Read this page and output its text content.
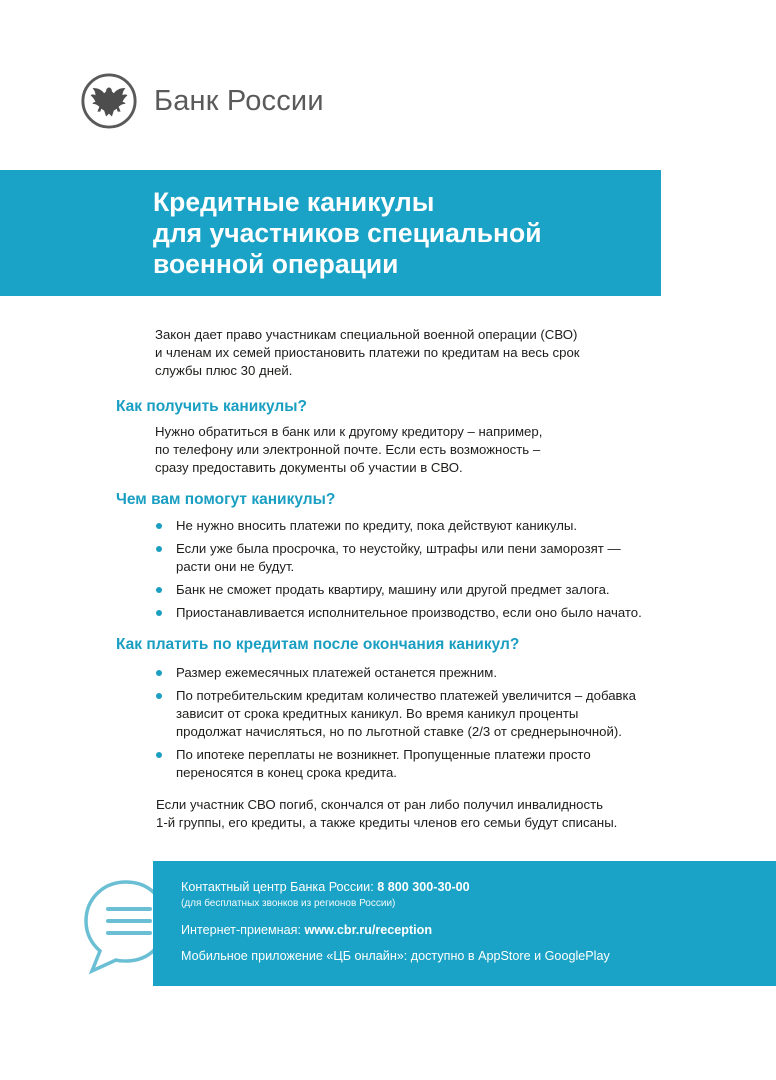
Банк России
Кредитные каникулы
для участников специальной
военной операции
Закон дает право участникам специальной военной операции (СВО)
и членам их семей приостановить платежи по кредитам на весь срок
службы плюс 30 дней.
Как получить каникулы?
Нужно обратиться в банк или к другому кредитору – например,
по телефону или электронной почте. Если есть возможность –
сразу предоставить документы об участии в СВО.
Чем вам помогут каникулы?
Не нужно вносить платежи по кредиту, пока действуют каникулы.
Если уже была просрочка, то неустойку, штрафы или пени заморозят —
расти они не будут.
Банк не сможет продать квартиру, машину или другой предмет залога.
Приостанавливается исполнительное производство, если оно было начато.
Как платить по кредитам после окончания каникул?
Размер ежемесячных платежей останется прежним.
По потребительским кредитам количество платежей увеличится – добавка
зависит от срока кредитных каникул. Во время каникул проценты
продолжат начисляться, но по льготной ставке (2/3 от среднерыночной).
По ипотеке переплаты не возникнет. Пропущенные платежи просто
переносятся в конец срока кредита.
Если участник СВО погиб, скончался от ран либо получил инвалидность
1-й группы, его кредиты, а также кредиты членов его семьи будут списаны.
Контактный центр Банка России: 8 800 300-30-00
(для бесплатных звонков из регионов России)
Интернет-приемная: www.cbr.ru/reception
Мобильное приложение «ЦБ онлайн»: доступно в AppStore и GooglePlay
